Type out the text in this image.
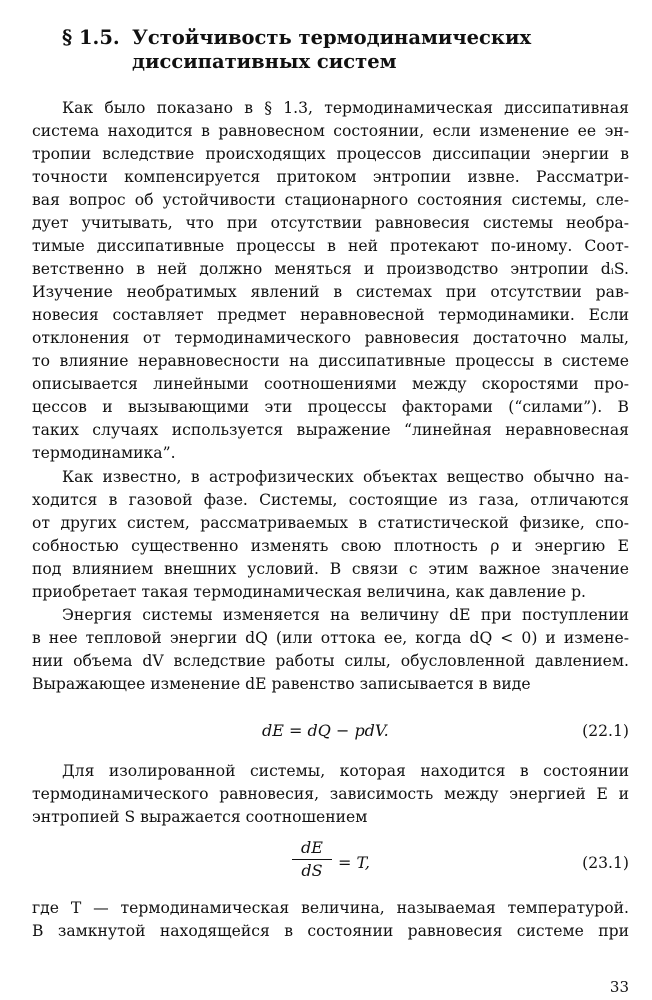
§ 1.5. Устойчивость термодинамических
диссипативных систем
Как было показано в § 1.3, термодинамическая диссипативная
система находится в равновесном состоянии, если изменение ее эн-
тропии вследствие происходящих процессов диссипации энергии в
точности компенсируется притоком энтропии извне. Рассматри-
вая вопрос об устойчивости стационарного состояния системы, сле-
дует учитывать, что при отсутствии равновесия системы необра-
тимые диссипативные процессы в ней протекают по-иному. Соот-
ветственно в ней должно меняться и производство энтропии dᵢS.
Изучение необратимых явлений в системах при отсутствии рав-
новесия составляет предмет неравновесной термодинамики. Если
отклонения от термодинамического равновесия достаточно малы,
то влияние неравновесности на диссипативные процессы в системе
описывается линейными соотношениями между скоростями про-
цессов и вызывающими эти процессы факторами (“силами”). В
таких случаях используется выражение “линейная неравновесная
термодинамика”.
Как известно, в астрофизических объектах вещество обычно на-
ходится в газовой фазе. Системы, состоящие из газа, отличаются
от других систем, рассматриваемых в статистической физике, спо-
собностью существенно изменять свою плотность ρ и энергию E
под влиянием внешних условий. В связи с этим важное значение
приобретает такая термодинамическая величина, как давление p.
Энергия системы изменяется на величину dE при поступлении
в нее тепловой энергии dQ (или оттока ее, когда dQ < 0) и измене-
нии объема dV вследствие работы силы, обусловленной давлением.
Выражающее изменение dE равенство записывается в виде
dE = dQ − pdV.	(22.1)
Для изолированной системы, которая находится в состоянии
термодинамического равновесия, зависимость между энергией E и
энтропией S выражается соотношением
dE
dS = T,	(23.1)
где T — термодинамическая величина, называемая температурой.
В замкнутой находящейся в состоянии равновесия системе при
33
